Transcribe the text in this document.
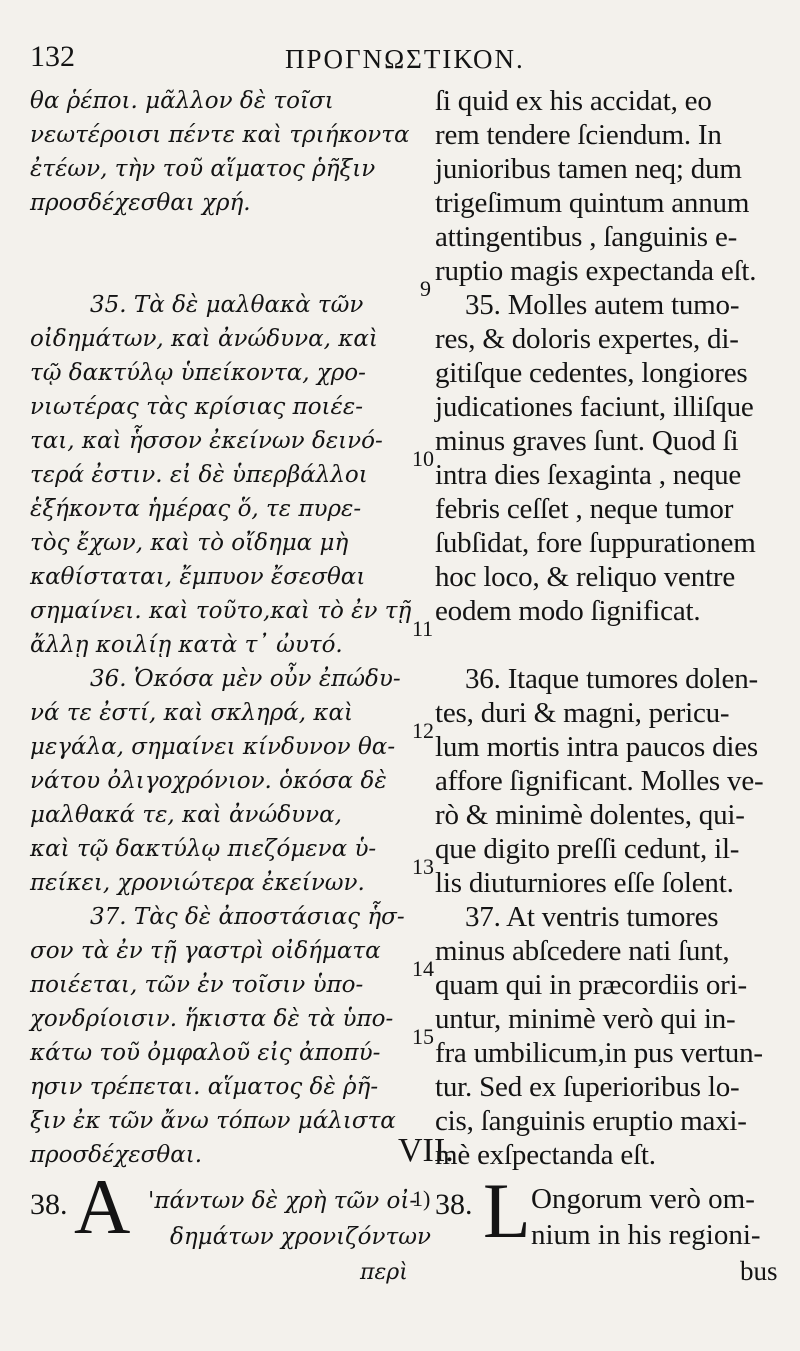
132	ΠΡΟΓΝΩΣΤΙΚΟΝ.
θα ῥέποι. μᾶλλον δὲ τοῖσι
νεωτέροισι πέντε καὶ τριήκοντα
ἐτέων, τὴν τοῦ αἵματος ῥῆξιν
προσδέχεσθαι χρή.
35. Τὰ δὲ μαλθακὰ τῶν
οἰδημάτων, καὶ ἀνώδυνα, καὶ
τῷ δακτύλῳ ὑπείκοντα, χρο-
νιωτέρας τὰς κρίσιας ποιέε-
ται, καὶ ἧσσον ἐκείνων δεινό-
τερά ἐστιν. εἰ δὲ ὑπερβάλλοι
ἑξήκοντα ἡμέρας ὅ, τε πυρε-
τὸς ἔχων, καὶ τὸ οἴδημα μὴ
καθίσταται, ἔμπυον ἔσεσθαι
σημαίνει. καὶ τοῦτο,καὶ τὸ ἐν τῇ
ἄλλῃ κοιλίῃ κατὰ τ᾽ ὠυτό.
36. Ὁκόσα μὲν οὖν ἐπώδυ-
νά τε ἐστί, καὶ σκληρά, καὶ
μεγάλα, σημαίνει κίνδυνον θα-
νάτου ὀλιγοχρόνιον. ὁκόσα δὲ
μαλθακά τε, καὶ ἀνώδυνα,
καὶ τῷ δακτύλῳ πιεζόμενα ὑ-
πείκει, χρονιώτερα ἐκείνων.
37. Τὰς δὲ ἀποστάσιας ἧσ-
σον τὰ ἐν τῇ γαστρὶ οἰδήματα
ποιέεται, τῶν ἐν τοῖσιν ὑπο-
χονδρίοισιν. ἥκιστα δὲ τὰ ὑπο-
κάτω τοῦ ὀμφαλοῦ εἰς ἀποπύ-
ησιν τρέπεται. αἵματος δὲ ῥῆ-
ξιν ἐκ τῶν ἄνω τόπων μάλιστα
προσδέχεσθαι.
ſi quid ex his accidat, eo
rem tendere ſciendum. In
junioribus tamen neq; dum
trigeſimum quintum annum
attingentibus , ſanguinis e-
ruptio magis expectanda eſt.
35. Molles autem tumo-
res, & doloris expertes, di-
gitiſque cedentes, longiores
judicationes faciunt, illiſque
minus graves ſunt. Quod ſi
intra dies ſexaginta , neque
febris ceſſet , neque tumor
ſubſidat, fore ſuppurationem
hoc loco, & reliquo ventre
eodem modo ſignificat.
36. Itaque tumores dolen-
tes, duri & magni, pericu-
lum mortis intra paucos dies
affore ſignificant. Molles ve-
rò & minimè dolentes, qui-
que digito preſſi cedunt, il-
lis diuturniores eſſe ſolent.
37. At ventris tumores
minus abſcedere nati ſunt,
quam qui in præcordiis ori-
untur, minimè verò qui in-
fra umbilicum,in pus vertun-
tur. Sed ex ſuperioribus lo-
cis, ſanguinis eruptio maxi-
mè exſpectanda eſt.
9
10
11
12
13
14
15
1)
VII.
38. Α 'πάντων δὲ χρὴ τῶν οἰ-
δημάτων χρονιζόντων
περὶ
38. L Ongorum verò om-
nium in his regioni-
bus
